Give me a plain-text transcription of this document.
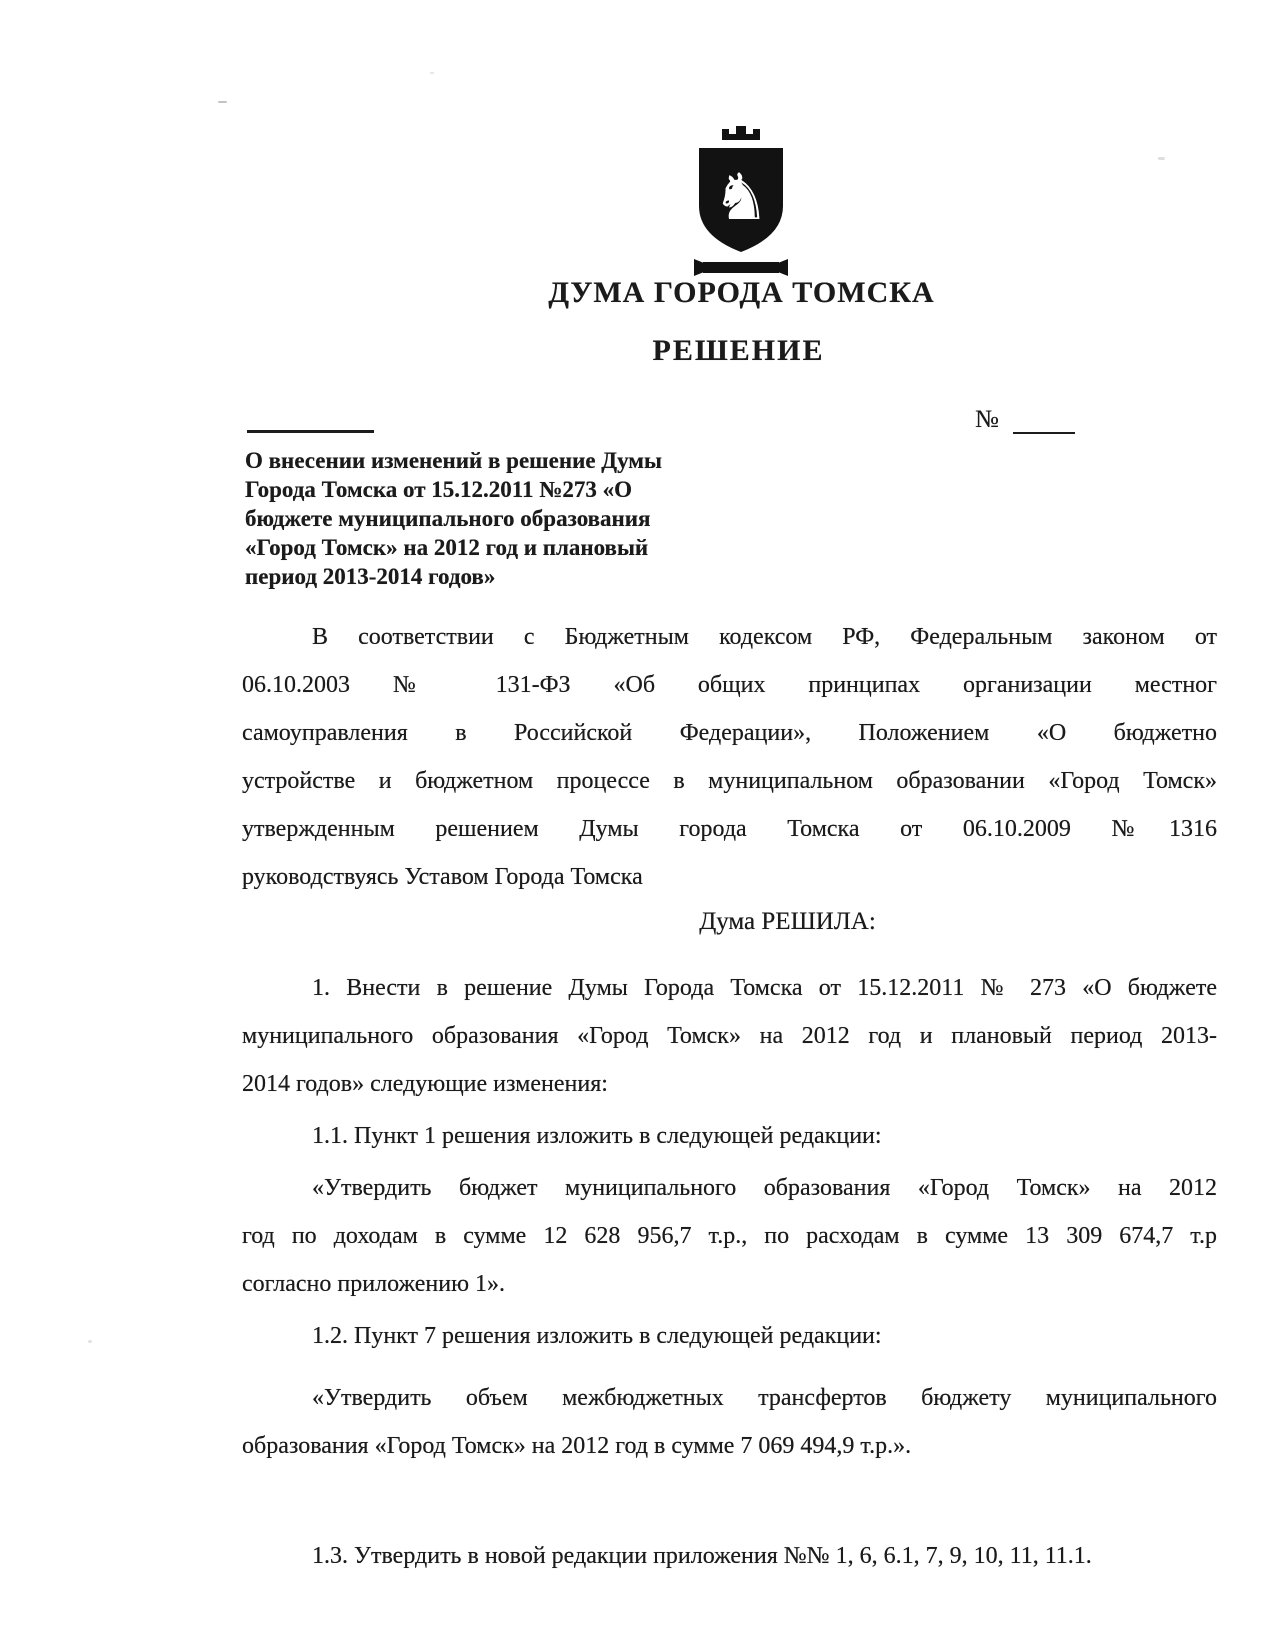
♞
ДУМА ГОРОДА ТОМСКА
РЕШЕНИЕ
№
О внесении изменений в решение Думы
Города Томска от 15.12.2011 №273 «О
бюджете муниципального образования
«Город Томск» на 2012 год и плановый
период 2013-2014 годов»
В соответствии с Бюджетным кодексом РФ, Федеральным законом от
06.10.2003 № 131-ФЗ «Об общих принципах организации местног
самоуправления в Российской Федерации», Положением «О бюджетно
устройстве и бюджетном процессе в муниципальном образовании «Город Томск»
утвержденным решением Думы города Томска от 06.10.2009 №1316
руководствуясь Уставом Города Томска
Дума РЕШИЛА:
1. Внести в решение Думы Города Томска от 15.12.2011 № 273 «О бюджете
муниципального образования «Город Томск» на 2012 год и плановый период 2013-
2014 годов» следующие изменения:
1.1. Пункт 1 решения изложить в следующей редакции:
«Утвердить бюджет муниципального образования «Город Томск» на 2012
год по доходам в сумме 12 628 956,7 т.р., по расходам в сумме 13 309 674,7 т.р
согласно приложению 1».
1.2. Пункт 7 решения изложить в следующей редакции:
«Утвердить объем межбюджетных трансфертов бюджету муниципального
образования «Город Томск» на 2012 год в сумме 7 069 494,9 т.р.».
1.3. Утвердить в новой редакции приложения №№ 1, 6, 6.1, 7, 9, 10, 11, 11.1.
